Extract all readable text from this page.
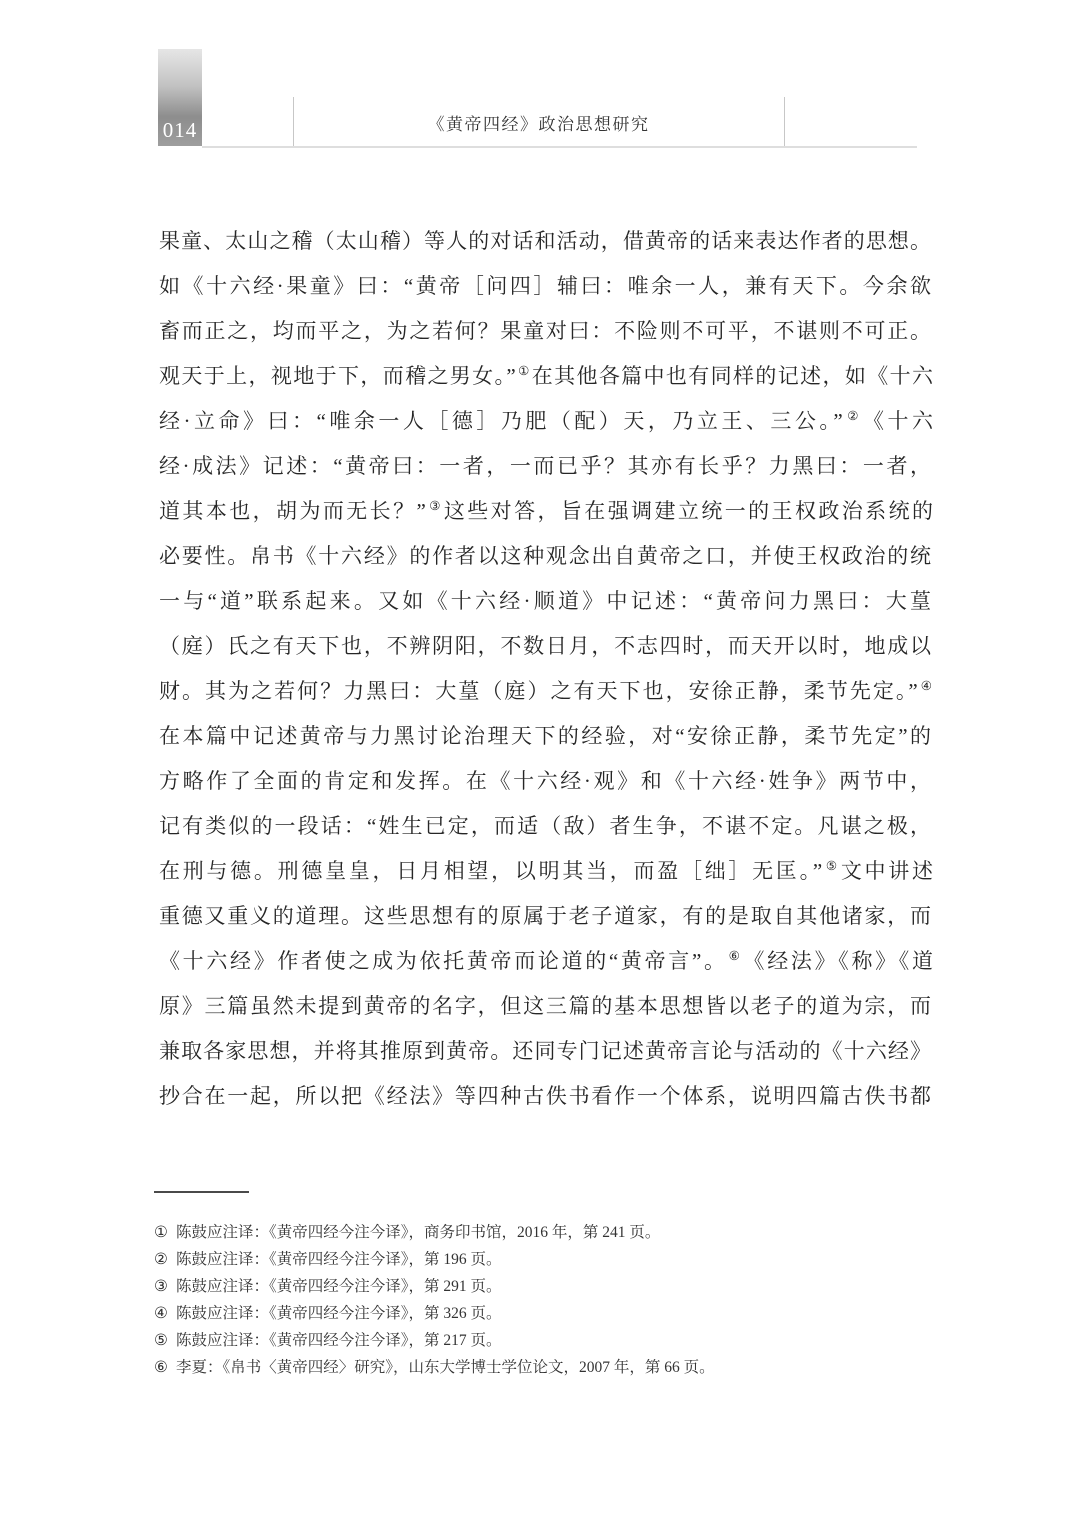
014	《黄帝四经》政治思想研究
果童、太山之稽（太山稽）等人的对话和活动，借黄帝的话来表达作者的思想。
如《十六经·果童》曰：“黄帝［问四］辅曰：唯余一人，兼有天下。今余欲
畜而正之，均而平之，为之若何？果童对曰：不险则不可平，不谌则不可正。
观天于上，视地于下，而稽之男女。”①在其他各篇中也有同样的记述，如《十六
经·立命》曰：“唯余一人［德］乃肥（配）天，乃立王、三公。”②《十六
经·成法》记述：“黄帝曰：一者，一而已乎？其亦有长乎？力黑曰：一者，
道其本也，胡为而无长？”③这些对答，旨在强调建立统一的王权政治系统的
必要性。帛书《十六经》的作者以这种观念出自黄帝之口，并使王权政治的统
一与“道”联系起来。又如《十六经·顺道》中记述：“黄帝问力黑曰：大葟
（庭）氏之有天下也，不辨阴阳，不数日月，不志四时，而天开以时，地成以
财。其为之若何？力黑曰：大葟（庭）之有天下也，安徐正静，柔节先定。”④
在本篇中记述黄帝与力黑讨论治理天下的经验，对“安徐正静，柔节先定”的
方略作了全面的肯定和发挥。在《十六经·观》和《十六经·姓争》两节中，
记有类似的一段话：“姓生已定，而适（敌）者生争，不谌不定。凡谌之极，
在刑与德。刑德皇皇，日月相望，以明其当，而盈［绌］无匡。”⑤文中讲述
重德又重义的道理。这些思想有的原属于老子道家，有的是取自其他诸家，而
《十六经》作者使之成为依托黄帝而论道的“黄帝言”。⑥《经法》《称》《道
原》三篇虽然未提到黄帝的名字，但这三篇的基本思想皆以老子的道为宗，而
兼取各家思想，并将其推原到黄帝。还同专门记述黄帝言论与活动的《十六经》
抄合在一起，所以把《经法》等四种古佚书看作一个体系，说明四篇古佚书都
① 陈鼓应注译：《黄帝四经今注今译》，商务印书馆，2016 年，第 241 页。
② 陈鼓应注译：《黄帝四经今注今译》，第 196 页。
③ 陈鼓应注译：《黄帝四经今注今译》，第 291 页。
④ 陈鼓应注译：《黄帝四经今注今译》，第 326 页。
⑤ 陈鼓应注译：《黄帝四经今注今译》，第 217 页。
⑥ 李夏：《帛书〈黄帝四经〉研究》，山东大学博士学位论文，2007 年，第 66 页。
